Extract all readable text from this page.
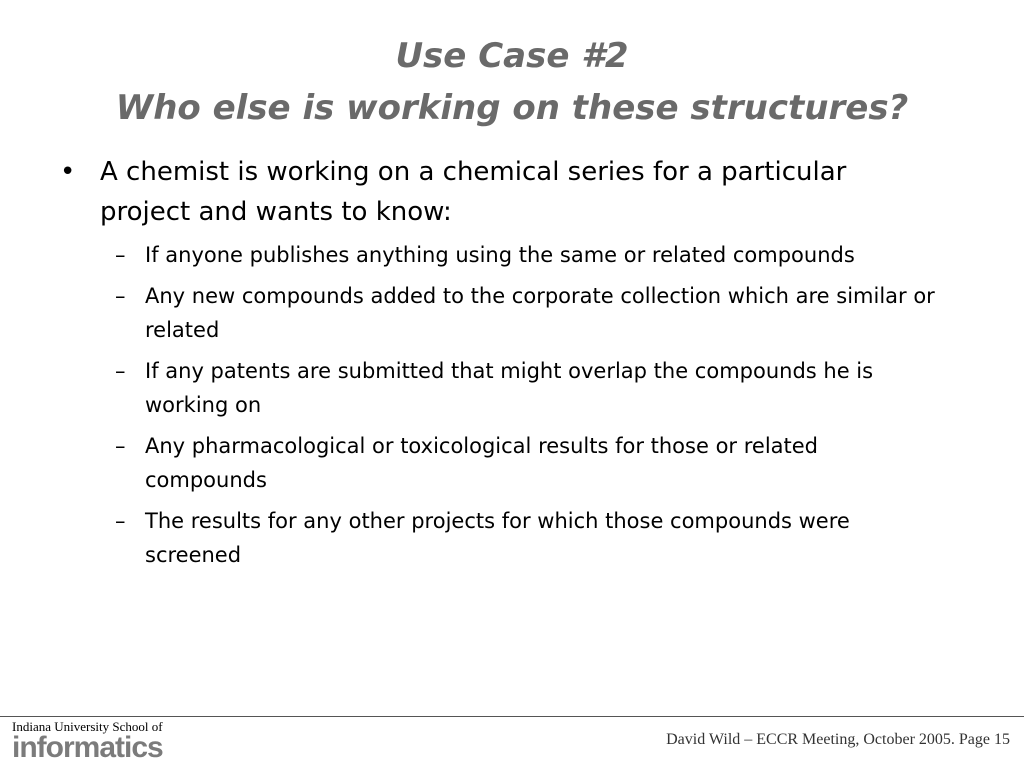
Use Case #2
Who else is working on these structures?
• A chemist is working on a chemical series for a particular project and wants to know:
– If anyone publishes anything using the same or related compounds
– Any new compounds added to the corporate collection which are similar or related
– If any patents are submitted that might overlap the compounds he is working on
– Any pharmacological or toxicological results for those or related compounds
– The results for any other projects for which those compounds were screened
Indiana University School of
informatics	David Wild – ECCR Meeting, October 2005. Page 15
